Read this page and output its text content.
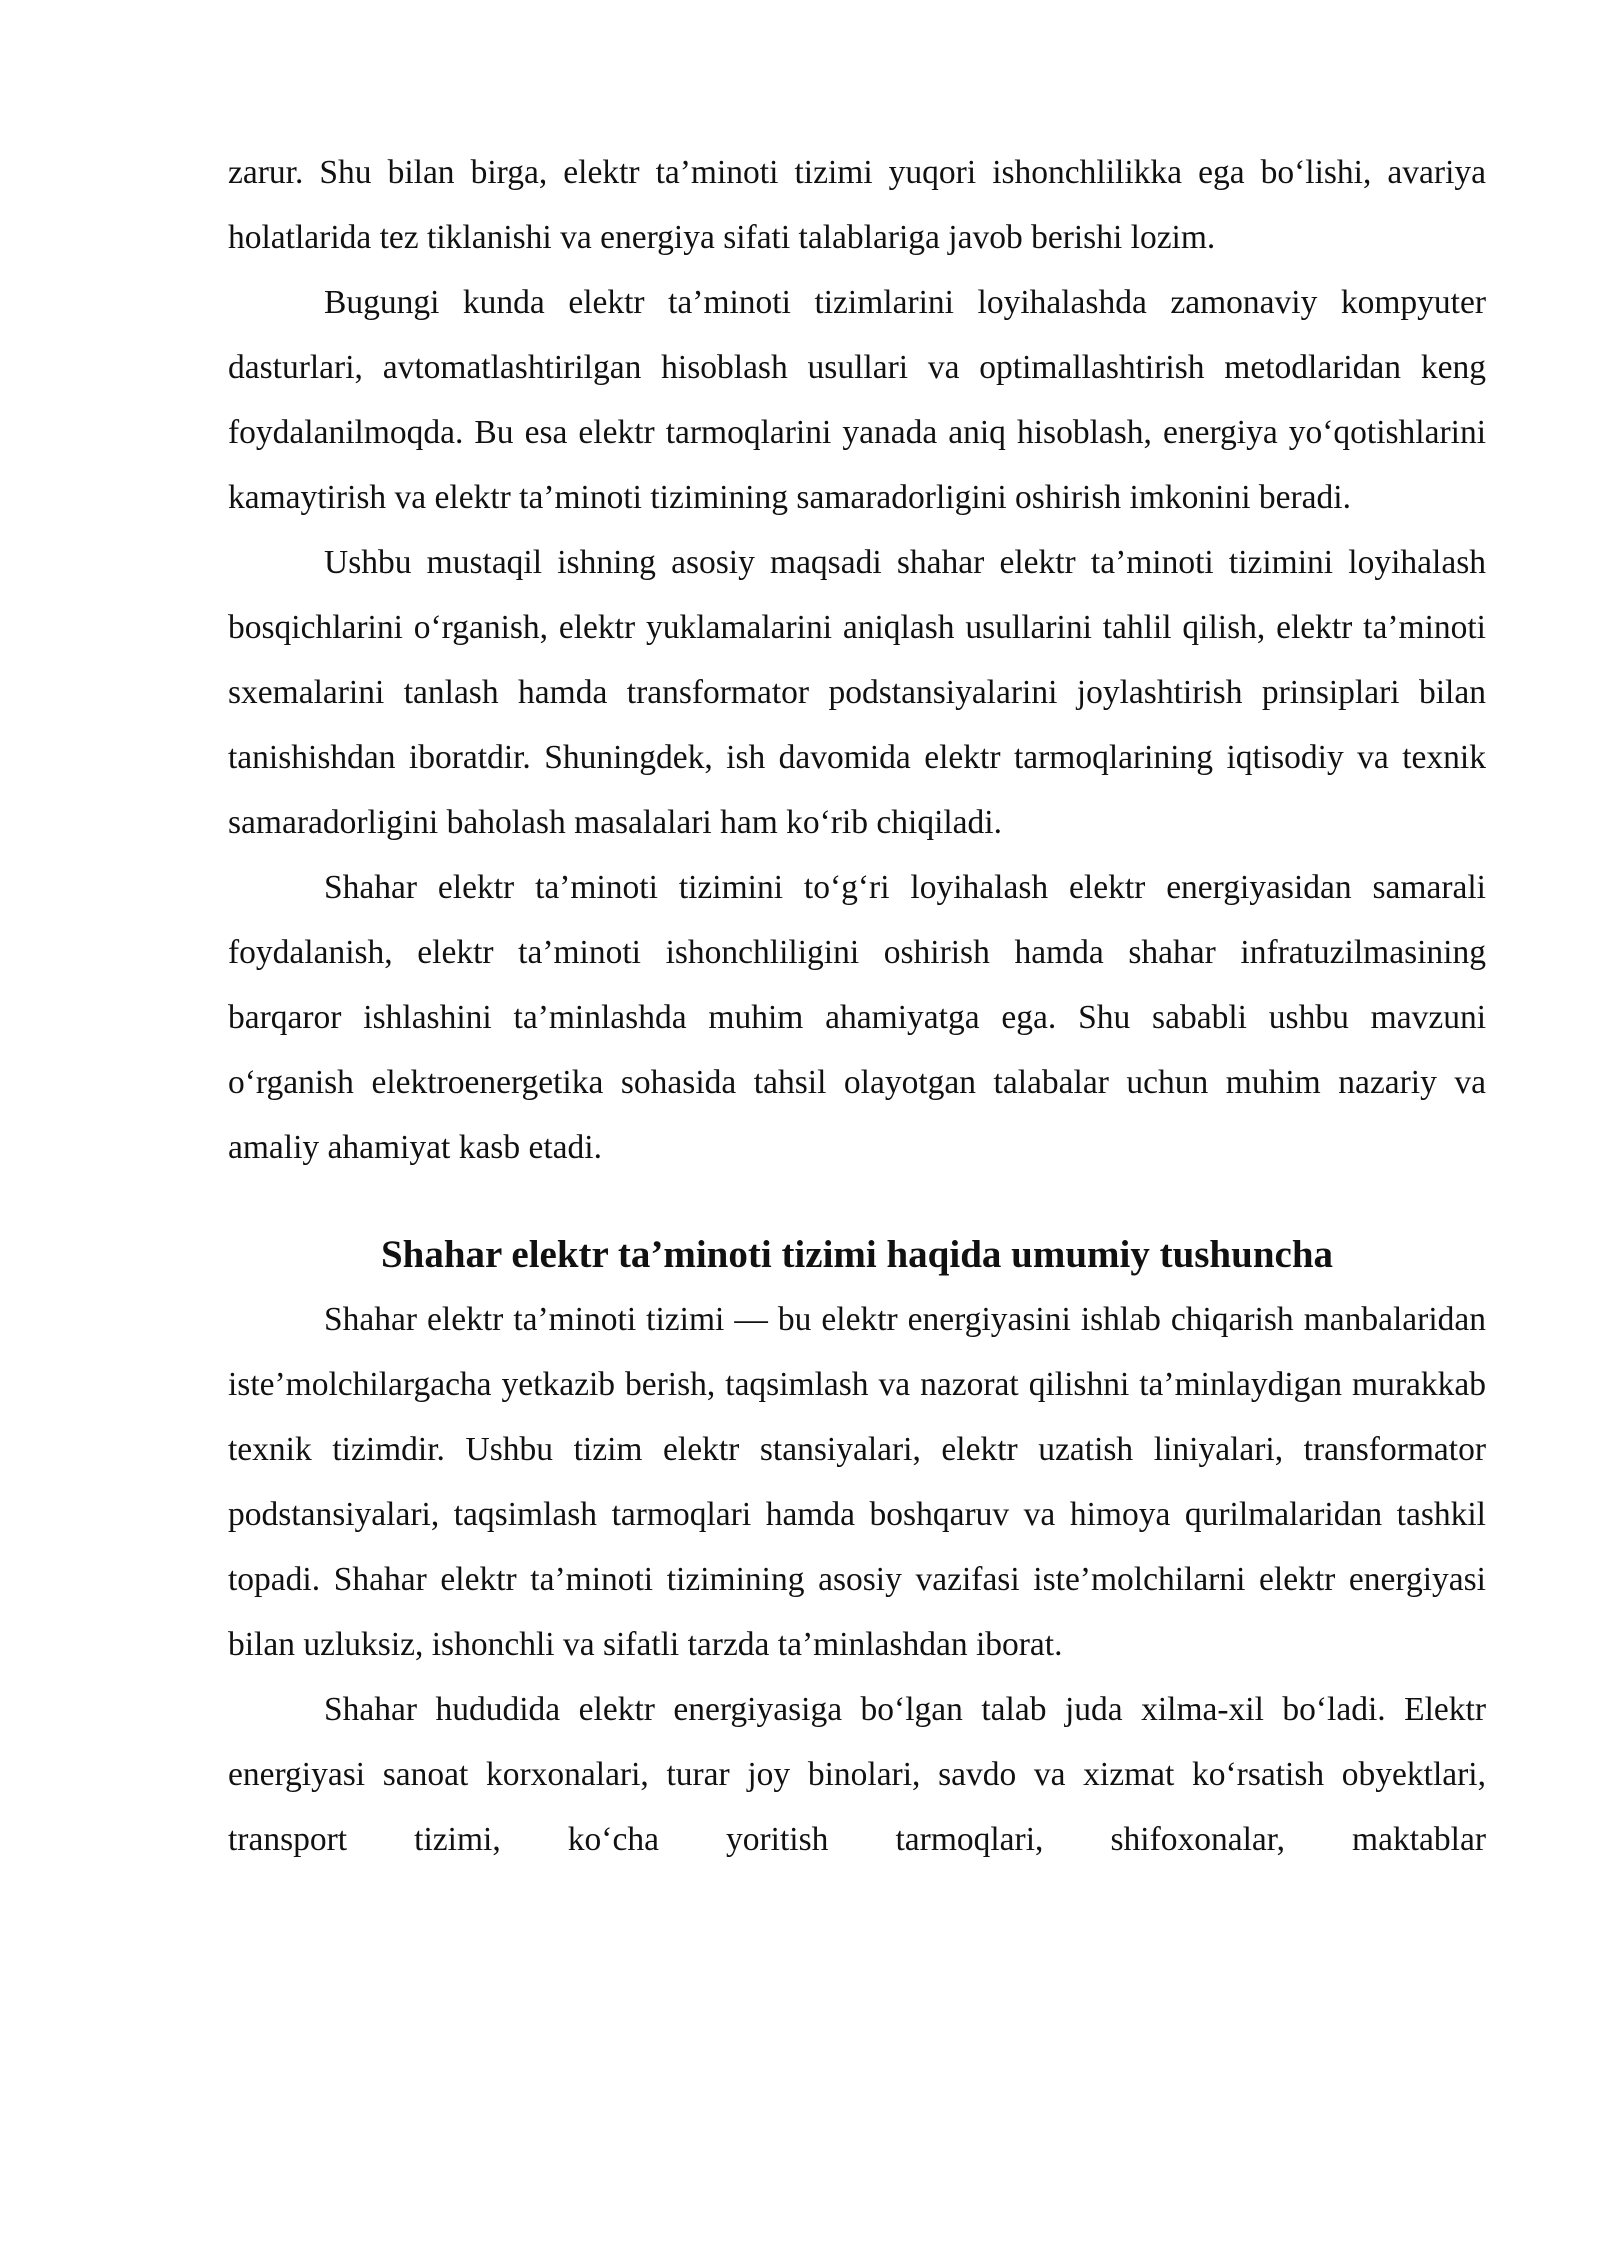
zarur. Shu bilan birga, elektr ta’minoti tizimi yuqori ishonchlilikka ega bo‘lishi, avariya holatlarida tez tiklanishi va energiya sifati talablariga javob berishi lozim.

Bugungi kunda elektr ta’minoti tizimlarini loyihalashda zamonaviy kompyuter dasturlari, avtomatlashtirilgan hisoblash usullari va optimallashtirish metodlaridan keng foydalanilmoqda. Bu esa elektr tarmoqlarini yanada aniq hisoblash, energiya yo‘qotishlarini kamaytirish va elektr ta’minoti tizimining samaradorligini oshirish imkonini beradi.

Ushbu mustaqil ishning asosiy maqsadi shahar elektr ta’minoti tizimini loyihalash bosqichlarini o‘rganish, elektr yuklamalarini aniqlash usullarini tahlil qilish, elektr ta’minoti sxemalarini tanlash hamda transformator podstansiyalarini joylashtirish prinsiplari bilan tanishishdan iboratdir. Shuningdek, ish davomida elektr tarmoqlarining iqtisodiy va texnik samaradorligini baholash masalalari ham ko‘rib chiqiladi.

Shahar elektr ta’minoti tizimini to‘g‘ri loyihalash elektr energiyasidan samarali foydalanish, elektr ta’minoti ishonchliligini oshirish hamda shahar infratuzilmasining barqaror ishlashini ta’minlashda muhim ahamiyatga ega. Shu sababli ushbu mavzuni o‘rganish elektroenergetika sohasida tahsil olayotgan talabalar uchun muhim nazariy va amaliy ahamiyat kasb etadi.

Shahar elektr ta’minoti tizimi haqida umumiy tushuncha

Shahar elektr ta’minoti tizimi — bu elektr energiyasini ishlab chiqarish manbalaridan iste’molchilargacha yetkazib berish, taqsimlash va nazorat qilishni ta’minlaydigan murakkab texnik tizimdir. Ushbu tizim elektr stansiyalari, elektr uzatish liniyalari, transformator podstansiyalari, taqsimlash tarmoqlari hamda boshqaruv va himoya qurilmalaridan tashkil topadi. Shahar elektr ta’minoti tizimining asosiy vazifasi iste’molchilarni elektr energiyasi bilan uzluksiz, ishonchli va sifatli tarzda ta’minlashdan iborat.

Shahar hududida elektr energiyasiga bo‘lgan talab juda xilma-xil bo‘ladi. Elektr energiyasi sanoat korxonalari, turar joy binolari, savdo va xizmat ko‘rsatish obyektlari, transport tizimi, ko‘cha yoritish tarmoqlari, shifoxonalar, maktablar
